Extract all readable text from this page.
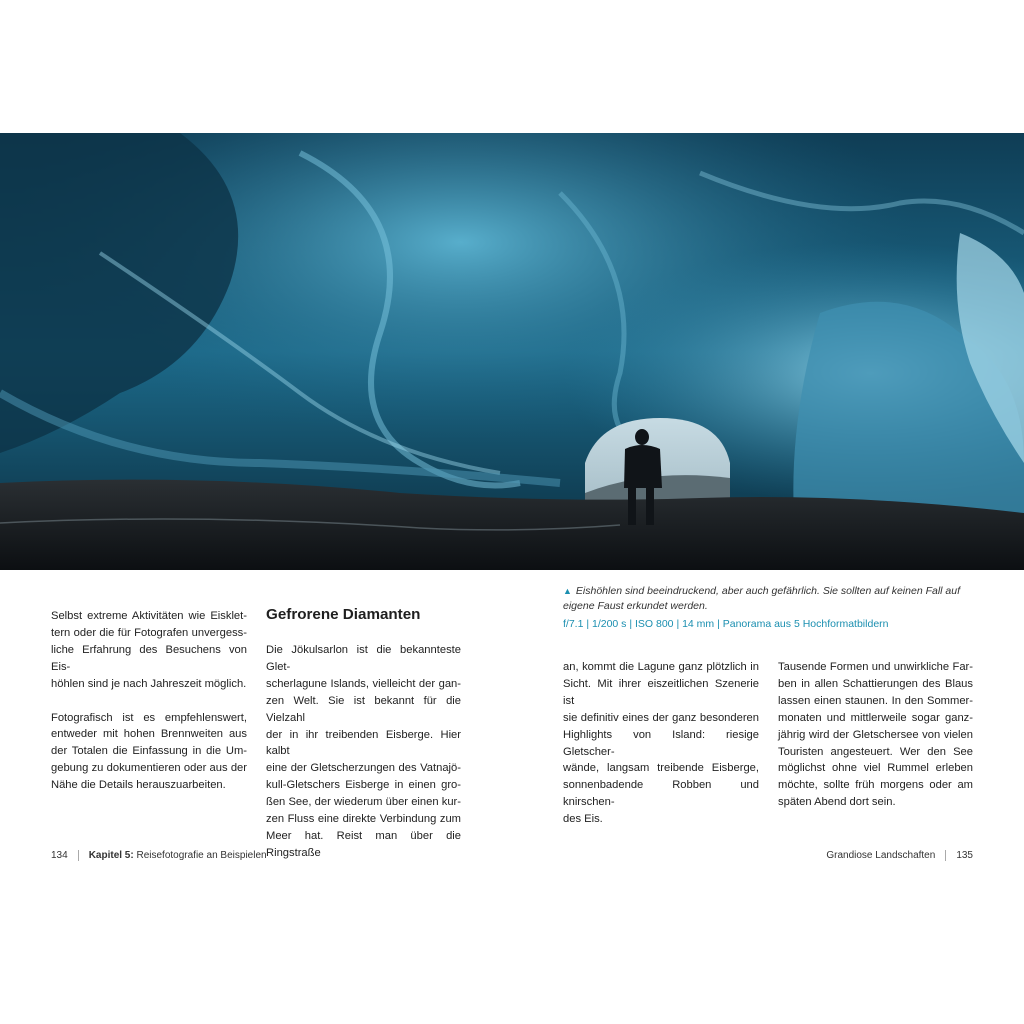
▲ Eishöhlen sind beeindruckend, aber auch gefährlich. Sie sollten auf keinen Fall auf eigene Faust erkundet werden.
f/7.1 | 1/200 s | ISO 800 | 14 mm | Panorama aus 5 Hochformatbildern

Selbst extreme Aktivitäten wie Eisklet-
tern oder die für Fotografen unvergess-
liche Erfahrung des Besuchens von Eis-
höhlen sind je nach Jahreszeit möglich.

Fotografisch ist es empfehlenswert,
entweder mit hohen Brennweiten aus
der Totalen die Einfassung in die Um-
gebung zu dokumentieren oder aus der
Nähe die Details herauszuarbeiten.

Gefrorene Diamanten

Die Jökulsarlon ist die bekannteste Glet-
scherlagune Islands, vielleicht der gan-
zen Welt. Sie ist bekannt für die Vielzahl
der in ihr treibenden Eisberge. Hier kalbt
eine der Gletscherzungen des Vatnajö-
kull-Gletschers Eisberge in einen gro-
ßen See, der wiederum über einen kur-
zen Fluss eine direkte Verbindung zum
Meer hat. Reist man über die Ringstraße

an, kommt die Lagune ganz plötzlich in
Sicht. Mit ihrer eiszeitlichen Szenerie ist
sie definitiv eines der ganz besonderen
Highlights von Island: riesige Gletscher-
wände, langsam treibende Eisberge,
sonnenbadende Robben und knirschen-
des Eis.

Tausende Formen und unwirkliche Far-
ben in allen Schattierungen des Blaus
lassen einen staunen. In den Sommer-
monaten und mittlerweile sogar ganz-
jährig wird der Gletschersee von vielen
Touristen angesteuert. Wer den See
möglichst ohne viel Rummel erleben
möchte, sollte früh morgens oder am
späten Abend dort sein.

134 Kapitel 5: Reisefotografie an Beispielen	Grandiose Landschaften 135
